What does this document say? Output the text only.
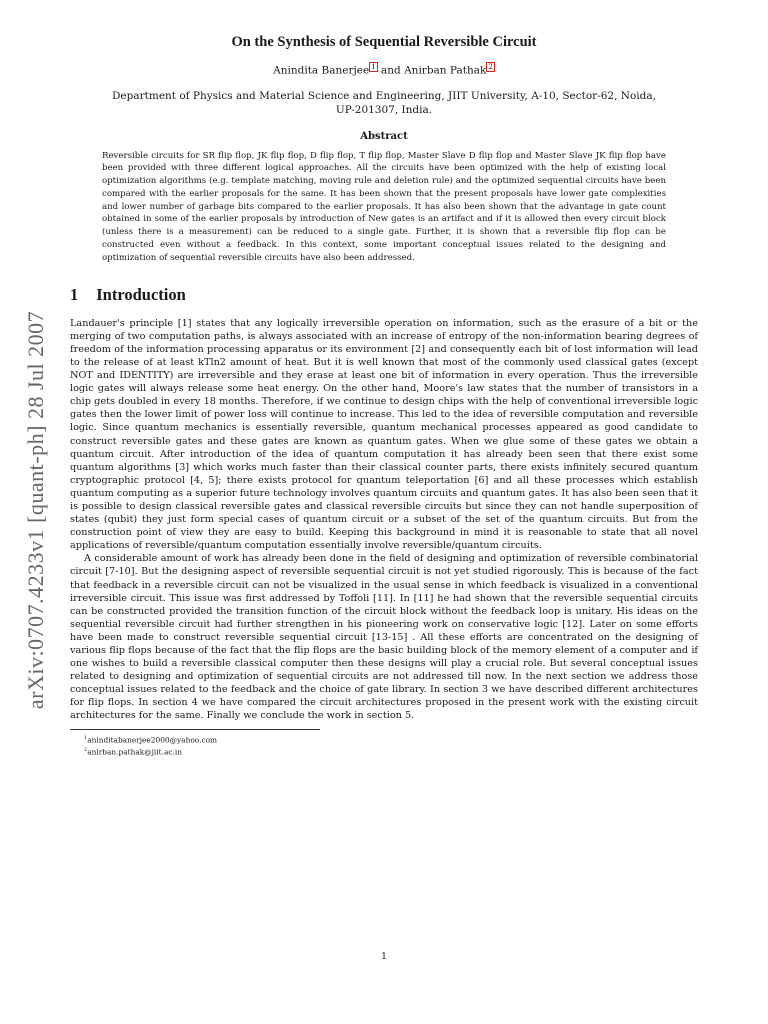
arXiv:0707.4233v1 [quant-ph] 28 Jul 2007
On the Synthesis of Sequential Reversible Circuit
Anindita Banerjee $^1$ and Anirban Pathak $^2$
Department of Physics and Material Science and Engineering, JIIT University, A-10, Sector-62, Noida,
UP-201307, India.
Abstract
Reversible circuits for SR flip flop, JK flip flop, D flip flop, T flip flop, Master Slave D flip flop and Master Slave JK flip flop have been provided with three different logical approaches. All the circuits have been optimized with the help of existing local optimization algorithms (e.g. template matching, moving rule and deletion rule) and the optimized sequential circuits have been compared with the earlier proposals for the same. It has been shown that the present proposals have lower gate complexities and lower number of garbage bits compared to the earlier proposals. It has also been shown that the advantage in gate count obtained in some of the earlier proposals by introduction of New gates is an artifact and if it is allowed then every circuit block (unless there is a measurement) can be reduced to a single gate. Further, it is shown that a reversible flip flop can be constructed even without a feedback. In this context, some important conceptual issues related to the designing and optimization of sequential reversible circuits have also been addressed.
1 Introduction

Landauer's principle [1] states that any logically irreversible operation on information, such as the erasure of a bit or the merging of two computation paths, is always associated with an increase of entropy of the non-information bearing degrees of freedom of the information processing apparatus or its environment [2] and consequently each bit of lost information will lead to the release of at least kTln2 amount of heat. But it is well known that most of the commonly used classical gates (except NOT and IDENTITY) are irreversible and they erase at least one bit of information in every operation. Thus the irreversible logic gates will always release some heat energy. On the other hand, Moore's law states that the number of transistors in a chip gets doubled in every 18 months. Therefore, if we continue to design chips with the help of conventional irreversible logic gates then the lower limit of power loss will continue to increase. This led to the idea of reversible computation and reversible logic. Since quantum mechanics is essentially reversible, quantum mechanical processes appeared as good candidate to construct reversible gates and these gates are known as quantum gates. When we glue some of these gates we obtain a quantum circuit. After introduction of the idea of quantum computation it has already been seen that there exist some quantum algorithms [3] which works much faster than their classical counter parts, there exists infinitely secured quantum cryptographic protocol [4, 5]; there exists protocol for quantum teleportation [6] and all these processes which establish quantum computing as a superior future technology involves quantum circuits and quantum gates. It has also been seen that it is possible to design classical reversible gates and classical reversible circuits but since they can not handle superposition of states (qubit) they just form special cases of quantum circuit or a subset of the set of the quantum circuits. But from the construction point of view they are easy to build. Keeping this background in mind it is reasonable to state that all novel applications of reversible/quantum computation essentially involve reversible/quantum circuits.

A considerable amount of work has already been done in the field of designing and optimization of reversible combinatorial circuit [7-10]. But the designing aspect of reversible sequential circuit is not yet studied rigorously. This is because of the fact that feedback in a reversible circuit can not be visualized in the usual sense in which feedback is visualized in a conventional irreversible circuit. This issue was first addressed by Toffoli [11]. In [11] he had shown that the reversible sequential circuits can be constructed provided the transition function of the circuit block without the feedback loop is unitary. His ideas on the sequential reversible circuit had further strengthen in his pioneering work on conservative logic [12]. Later on some efforts have been made to construct reversible sequential circuit [13-15] . All these efforts are concentrated on the designing of various flip flops because of the fact that the flip flops are the basic building block of the memory element of a computer and if one wishes to build a reversible classical computer then these designs will play a crucial role. But several conceptual issues related to designing and optimization of sequential circuits are not addressed till now. In the next section we address those conceptual issues related to the feedback and the choice of gate library. In section 3 we have described different architectures for flip flops. In section 4 we have compared the circuit architectures proposed in the present work with the existing circuit architectures for the same. Finally we conclude the work in section 5.

$^1$aninditabanerjee2000@yahoo.com
$^2$anirban.pathak@jiit.ac.in
1
